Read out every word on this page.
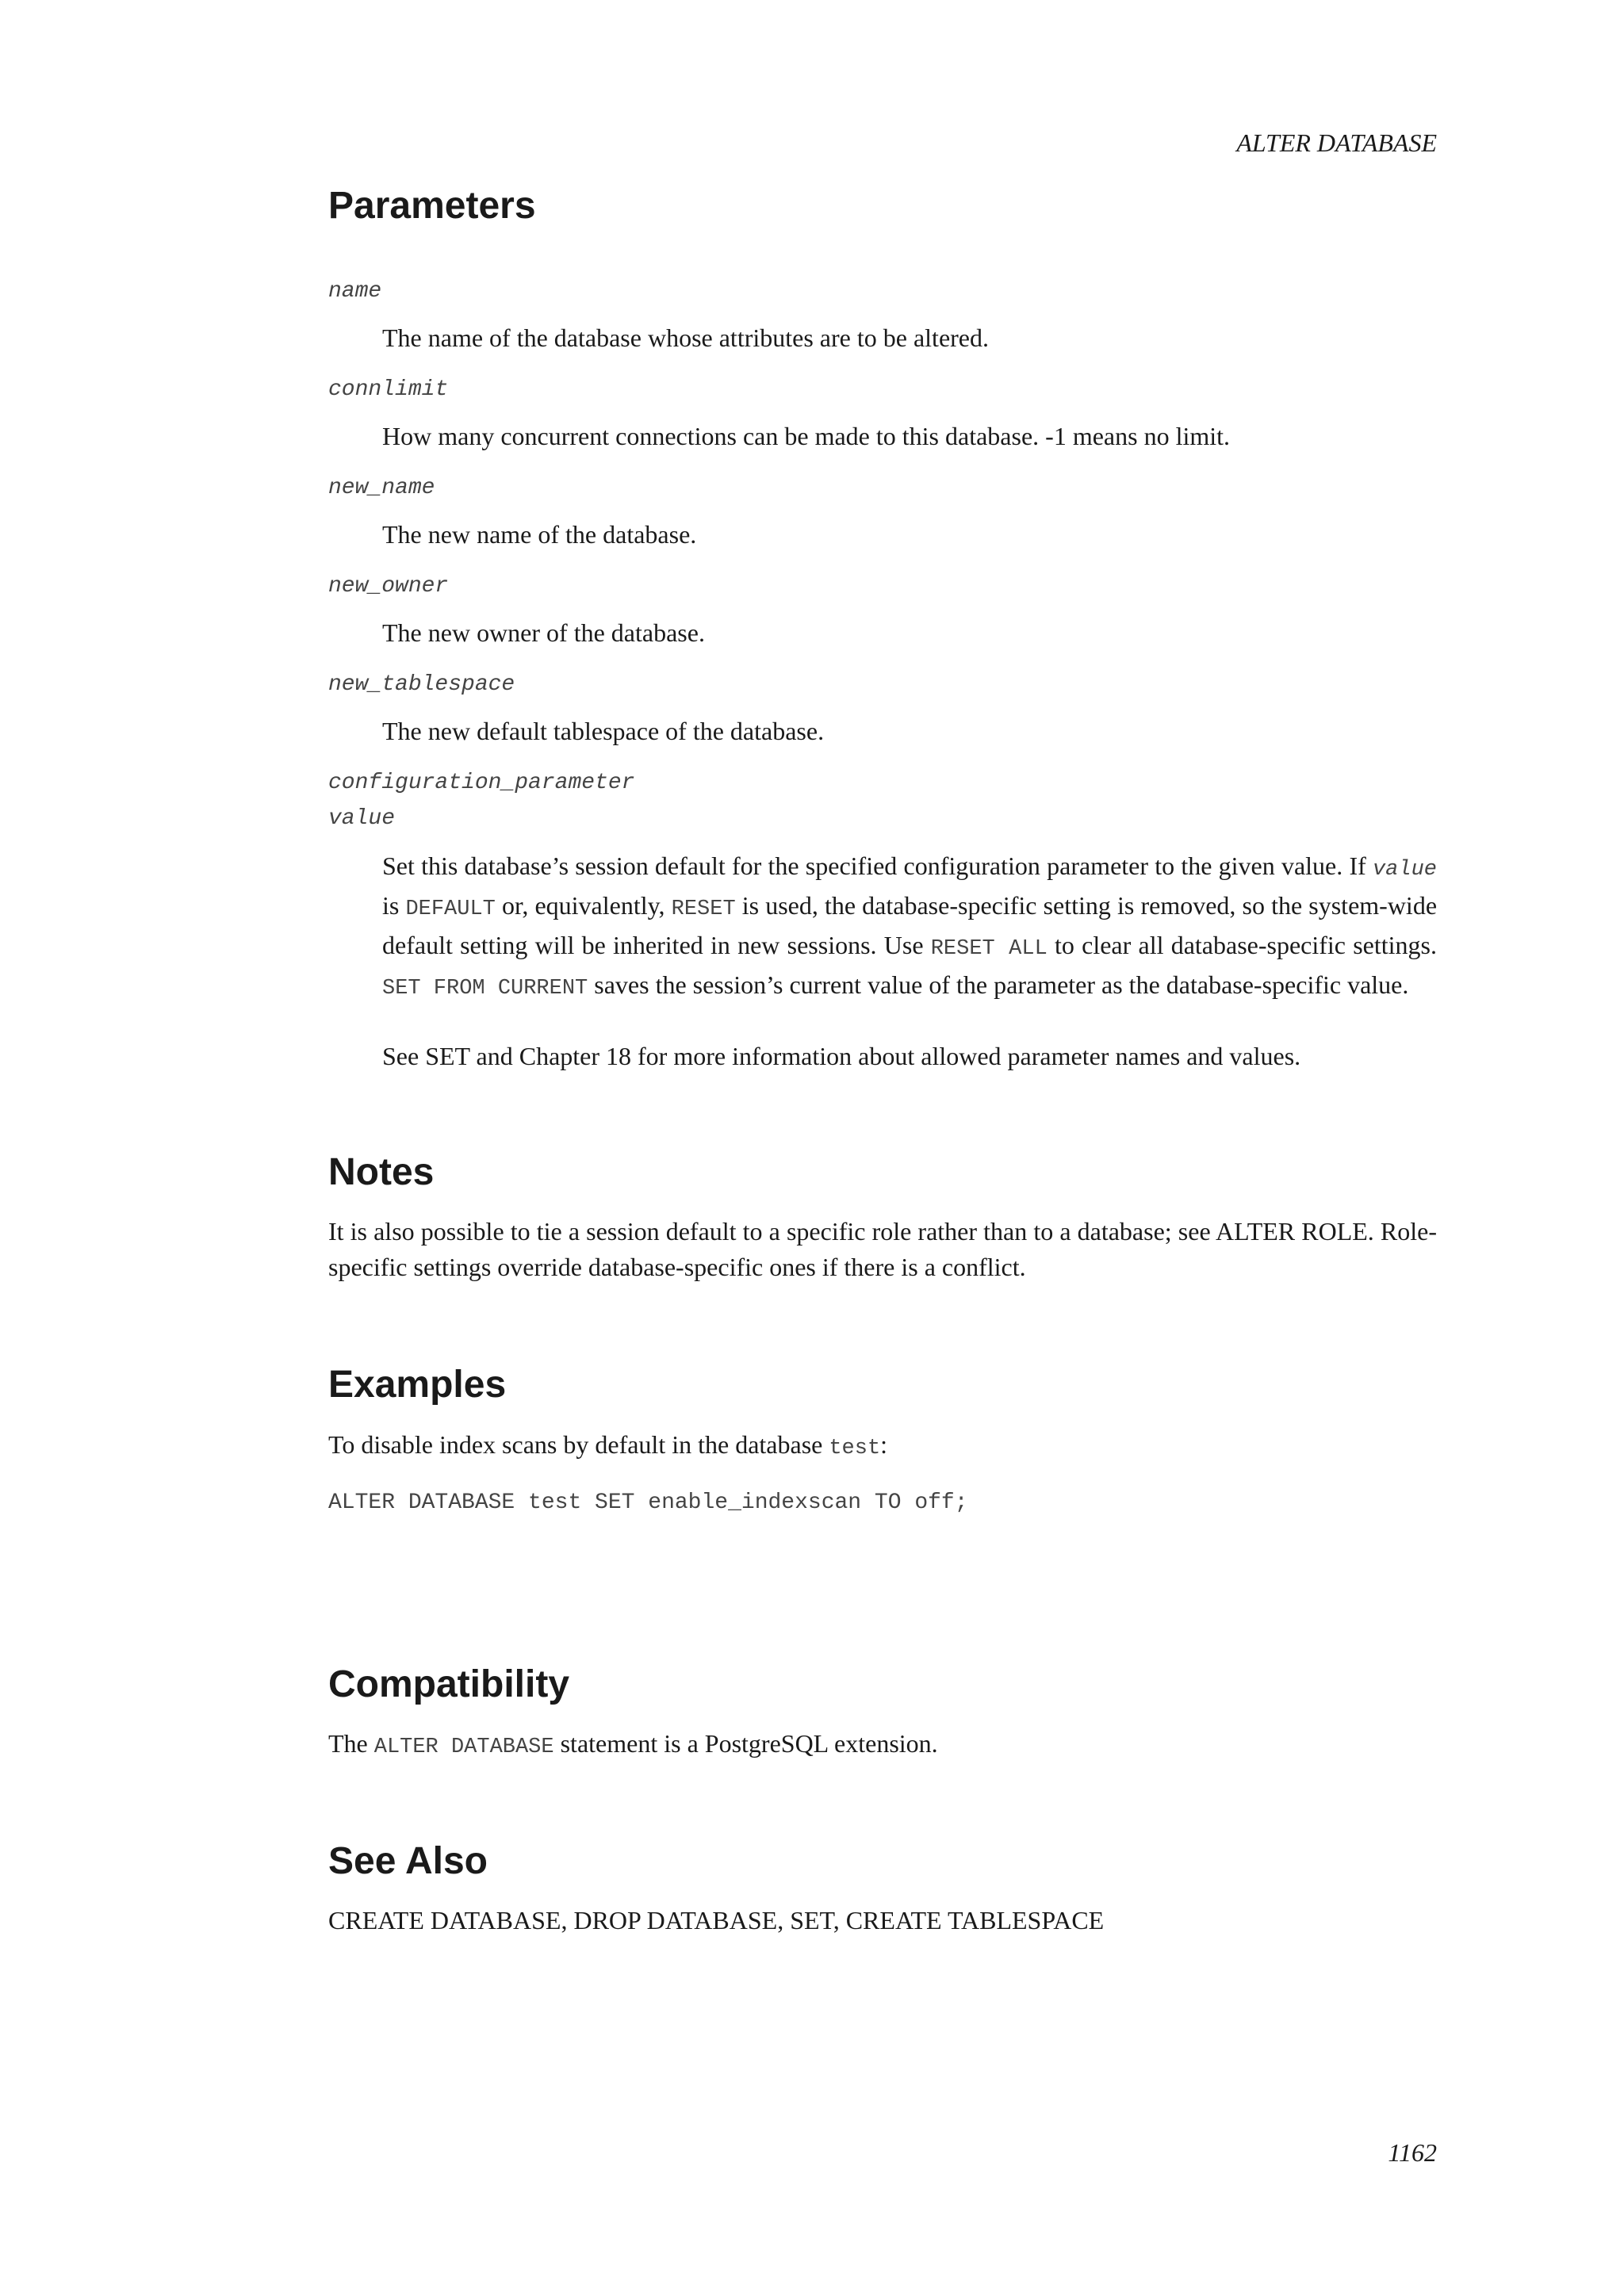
ALTER DATABASE
Parameters
name
The name of the database whose attributes are to be altered.
connlimit
How many concurrent connections can be made to this database. -1 means no limit.
new_name
The new name of the database.
new_owner
The new owner of the database.
new_tablespace
The new default tablespace of the database.
configuration_parameter
value
Set this database’s session default for the specified configuration parameter to the given value. If value is DEFAULT or, equivalently, RESET is used, the database-specific setting is removed, so the system-wide default setting will be inherited in new sessions. Use RESET ALL to clear all database-specific settings. SET FROM CURRENT saves the session’s current value of the parameter as the database-specific value.
See SET and Chapter 18 for more information about allowed parameter names and values.
Notes
It is also possible to tie a session default to a specific role rather than to a database; see ALTER ROLE. Role-specific settings override database-specific ones if there is a conflict.
Examples
To disable index scans by default in the database test:
ALTER DATABASE test SET enable_indexscan TO off;
Compatibility
The ALTER DATABASE statement is a PostgreSQL extension.
See Also
CREATE DATABASE, DROP DATABASE, SET, CREATE TABLESPACE
1162
